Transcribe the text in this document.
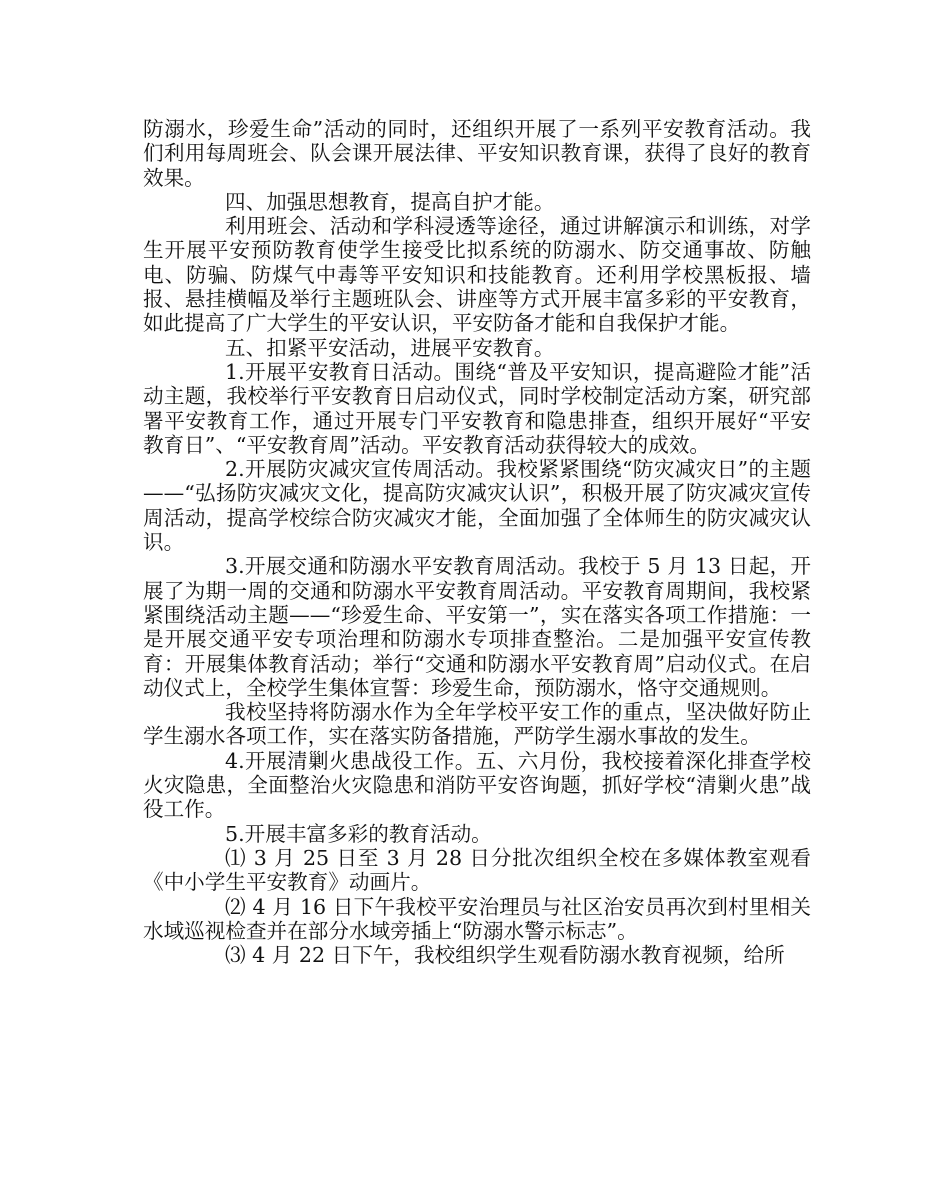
防溺水，珍爱生命”活动的同时，还组织开展了一系列平安教育活动。我们利用每周班会、队会课开展法律、平安知识教育课，获得了良好的教育效果。

四、加强思想教育，提高自护才能。

利用班会、活动和学科浸透等途径，通过讲解演示和训练，对学生开展平安预防教育使学生接受比拟系统的防溺水、防交通事故、防触电、防骗、防煤气中毒等平安知识和技能教育。还利用学校黑板报、墙报、悬挂横幅及举行主题班队会、讲座等方式开展丰富多彩的平安教育，如此提高了广大学生的平安认识，平安防备才能和自我保护才能。

五、扣紧平安活动，进展平安教育。

1.开展平安教育日活动。围绕“普及平安知识，提高避险才能”活动主题，我校举行平安教育日启动仪式，同时学校制定活动方案，研究部署平安教育工作，通过开展专门平安教育和隐患排查，组织开展好“平安教育日”、“平安教育周”活动。平安教育活动获得较大的成效。

2.开展防灾减灾宣传周活动。我校紧紧围绕“防灾减灾日”的主题——“弘扬防灾减灾文化，提高防灾减灾认识”，积极开展了防灾减灾宣传周活动，提高学校综合防灾减灾才能，全面加强了全体师生的防灾减灾认识。

3.开展交通和防溺水平安教育周活动。我校于 5 月 13 日起，开展了为期一周的交通和防溺水平安教育周活动。平安教育周期间，我校紧紧围绕活动主题——“珍爱生命、平安第一”，实在落实各项工作措施：一是开展交通平安专项治理和防溺水专项排查整治。二是加强平安宣传教育：开展集体教育活动；举行“交通和防溺水平安教育周”启动仪式。在启动仪式上，全校学生集体宣誓：珍爱生命，预防溺水，恪守交通规则。

我校坚持将防溺水作为全年学校平安工作的重点，坚决做好防止学生溺水各项工作，实在落实防备措施，严防学生溺水事故的发生。

4.开展清剿火患战役工作。五、六月份，我校接着深化排查学校火灾隐患，全面整治火灾隐患和消防平安咨询题，抓好学校“清剿火患”战役工作。

5.开展丰富多彩的教育活动。

⑴ 3 月 25 日至 3 月 28 日分批次组织全校在多媒体教室观看《中小学生平安教育》动画片。

⑵ 4 月 16 日下午我校平安治理员与社区治安员再次到村里相关水域巡视检查并在部分水域旁插上“防溺水警示标志”。

⑶ 4 月 22 日下午，我校组织学生观看防溺水教育视频，给所
